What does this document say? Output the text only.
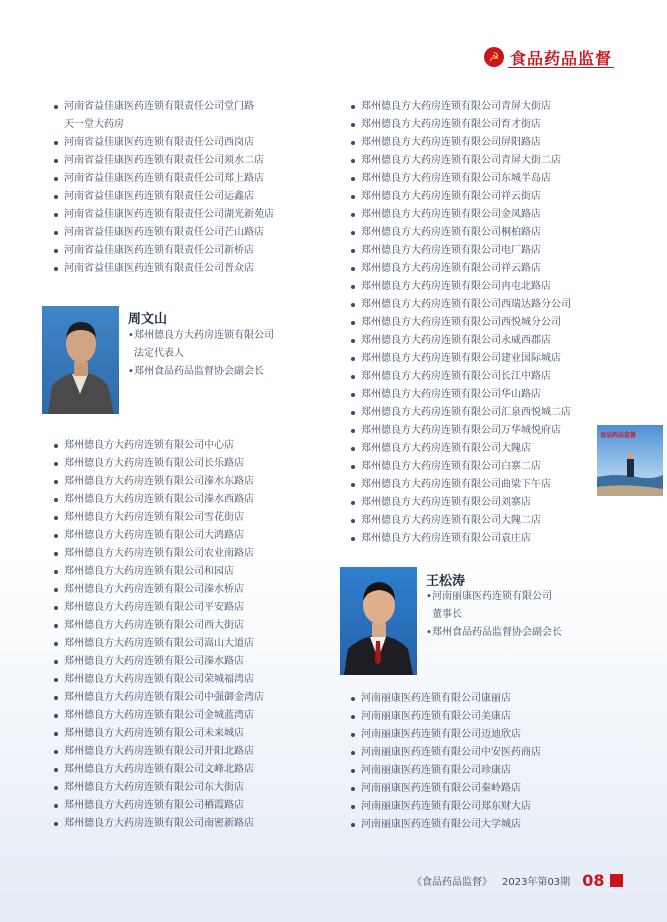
☭ 食品药品监督
河南省益佳康医药连锁有限责任公司堂门路
天一堂大药房
河南省益佳康医药连锁有限责任公司西岗店
河南省益佳康医药连锁有限责任公司须水二店
河南省益佳康医药连锁有限责任公司郑上路店
河南省益佳康医药连锁有限责任公司运鑫店
河南省益佳康医药连锁有限责任公司湖光新苑店
河南省益佳康医药连锁有限责任公司芒山路店
河南省益佳康医药连锁有限责任公司新桥店
河南省益佳康医药连锁有限责任公司普众店
周文山
• 郑州德良方大药房连锁有限公司
法定代表人
• 郑州食品药品监督协会副会长
郑州德良方大药房连锁有限公司中心店
郑州德良方大药房连锁有限公司长乐路店
郑州德良方大药房连锁有限公司溱水东路店
郑州德良方大药房连锁有限公司溱水西路店
郑州德良方大药房连锁有限公司雪花街店
郑州德良方大药房连锁有限公司大鸿路店
郑州德良方大药房连锁有限公司农业南路店
郑州德良方大药房连锁有限公司和园店
郑州德良方大药房连锁有限公司溱水桥店
郑州德良方大药房连锁有限公司平安路店
郑州德良方大药房连锁有限公司西大街店
郑州德良方大药房连锁有限公司嵩山大道店
郑州德良方大药房连锁有限公司溱水路店
郑州德良方大药房连锁有限公司荣城福湾店
郑州德良方大药房连锁有限公司中强御金湾店
郑州德良方大药房连锁有限公司金城蓝湾店
郑州德良方大药房连锁有限公司未来城店
郑州德良方大药房连锁有限公司开阳北路店
郑州德良方大药房连锁有限公司文峰北路店
郑州德良方大药房连锁有限公司东大街店
郑州德良方大药房连锁有限公司栖霞路店
郑州德良方大药房连锁有限公司南密新路店
郑州德良方大药房连锁有限公司青屏大街店
郑州德良方大药房连锁有限公司育才街店
郑州德良方大药房连锁有限公司屏阳路店
郑州德良方大药房连锁有限公司青屏大街二店
郑州德良方大药房连锁有限公司东城半岛店
郑州德良方大药房连锁有限公司祥云街店
郑州德良方大药房连锁有限公司金凤路店
郑州德良方大药房连锁有限公司桐柏路店
郑州德良方大药房连锁有限公司电厂路店
郑州德良方大药房连锁有限公司祥云路店
郑州德良方大药房连锁有限公司冉屯北路店
郑州德良方大药房连锁有限公司西瑞达路分公司
郑州德良方大药房连锁有限公司西悦城分公司
郑州德良方大药房连锁有限公司永威西郡店
郑州德良方大药房连锁有限公司建业国际城店
郑州德良方大药房连锁有限公司长江中路店
郑州德良方大药房连锁有限公司华山路店
郑州德良方大药房连锁有限公司汇泉西悦城二店
郑州德良方大药房连锁有限公司万华城悦府店
郑州德良方大药房连锁有限公司大隗店
郑州德良方大药房连锁有限公司白寨二店
郑州德良方大药房连锁有限公司曲梁下午店
郑州德良方大药房连锁有限公司刘寨店
郑州德良方大药房连锁有限公司大隗二店
郑州德良方大药房连锁有限公司袁庄店
食品药品监督
王松涛
• 河南丽康医药连锁有限公司
董事长
• 郑州食品药品监督协会副会长
河南丽康医药连锁有限公司康丽店
河南丽康医药连锁有限公司美康店
河南丽康医药连锁有限公司迈迪欣店
河南丽康医药连锁有限公司中安医药商店
河南丽康医药连锁有限公司珍康店
河南丽康医药连锁有限公司秦岭路店
河南丽康医药连锁有限公司郑东财大店
河南丽康医药连锁有限公司大学城店
《食品药品监督》 2023年第03期 08
